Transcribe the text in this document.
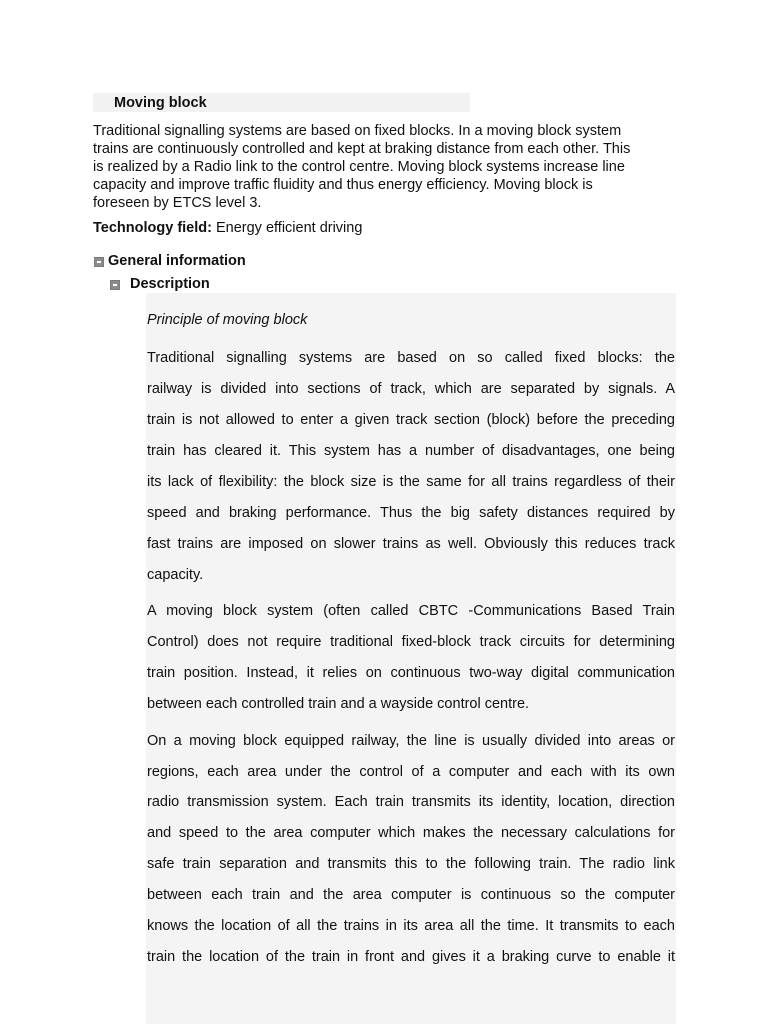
Moving block
Traditional signalling systems are based on fixed blocks. In a moving block system
trains are continuously controlled and kept at braking distance from each other. This
is realized by a Radio link to the control centre. Moving block systems increase line
capacity and improve traffic fluidity and thus energy efficiency. Moving block is
foreseen by ETCS level 3.
Technology field: Energy efficient driving
General information
Description
Principle of moving block
Traditional signalling systems are based on so called fixed blocks: the
railway is divided into sections of track, which are separated by signals. A
train is not allowed to enter a given track section (block) before the preceding
train has cleared it. This system has a number of disadvantages, one being
its lack of flexibility: the block size is the same for all trains regardless of their
speed and braking performance. Thus the big safety distances required by
fast trains are imposed on slower trains as well. Obviously this reduces track
capacity.
A moving block system (often called CBTC -Communications Based Train
Control) does not require traditional fixed-block track circuits for determining
train position. Instead, it relies on continuous two-way digital communication
between each controlled train and a wayside control centre.
On a moving block equipped railway, the line is usually divided into areas or
regions, each area under the control of a computer and each with its own
radio transmission system. Each train transmits its identity, location, direction
and speed to the area computer which makes the necessary calculations for
safe train separation and transmits this to the following train. The radio link
between each train and the area computer is continuous so the computer
knows the location of all the trains in its area all the time. It transmits to each
train the location of the train in front and gives it a braking curve to enable it
